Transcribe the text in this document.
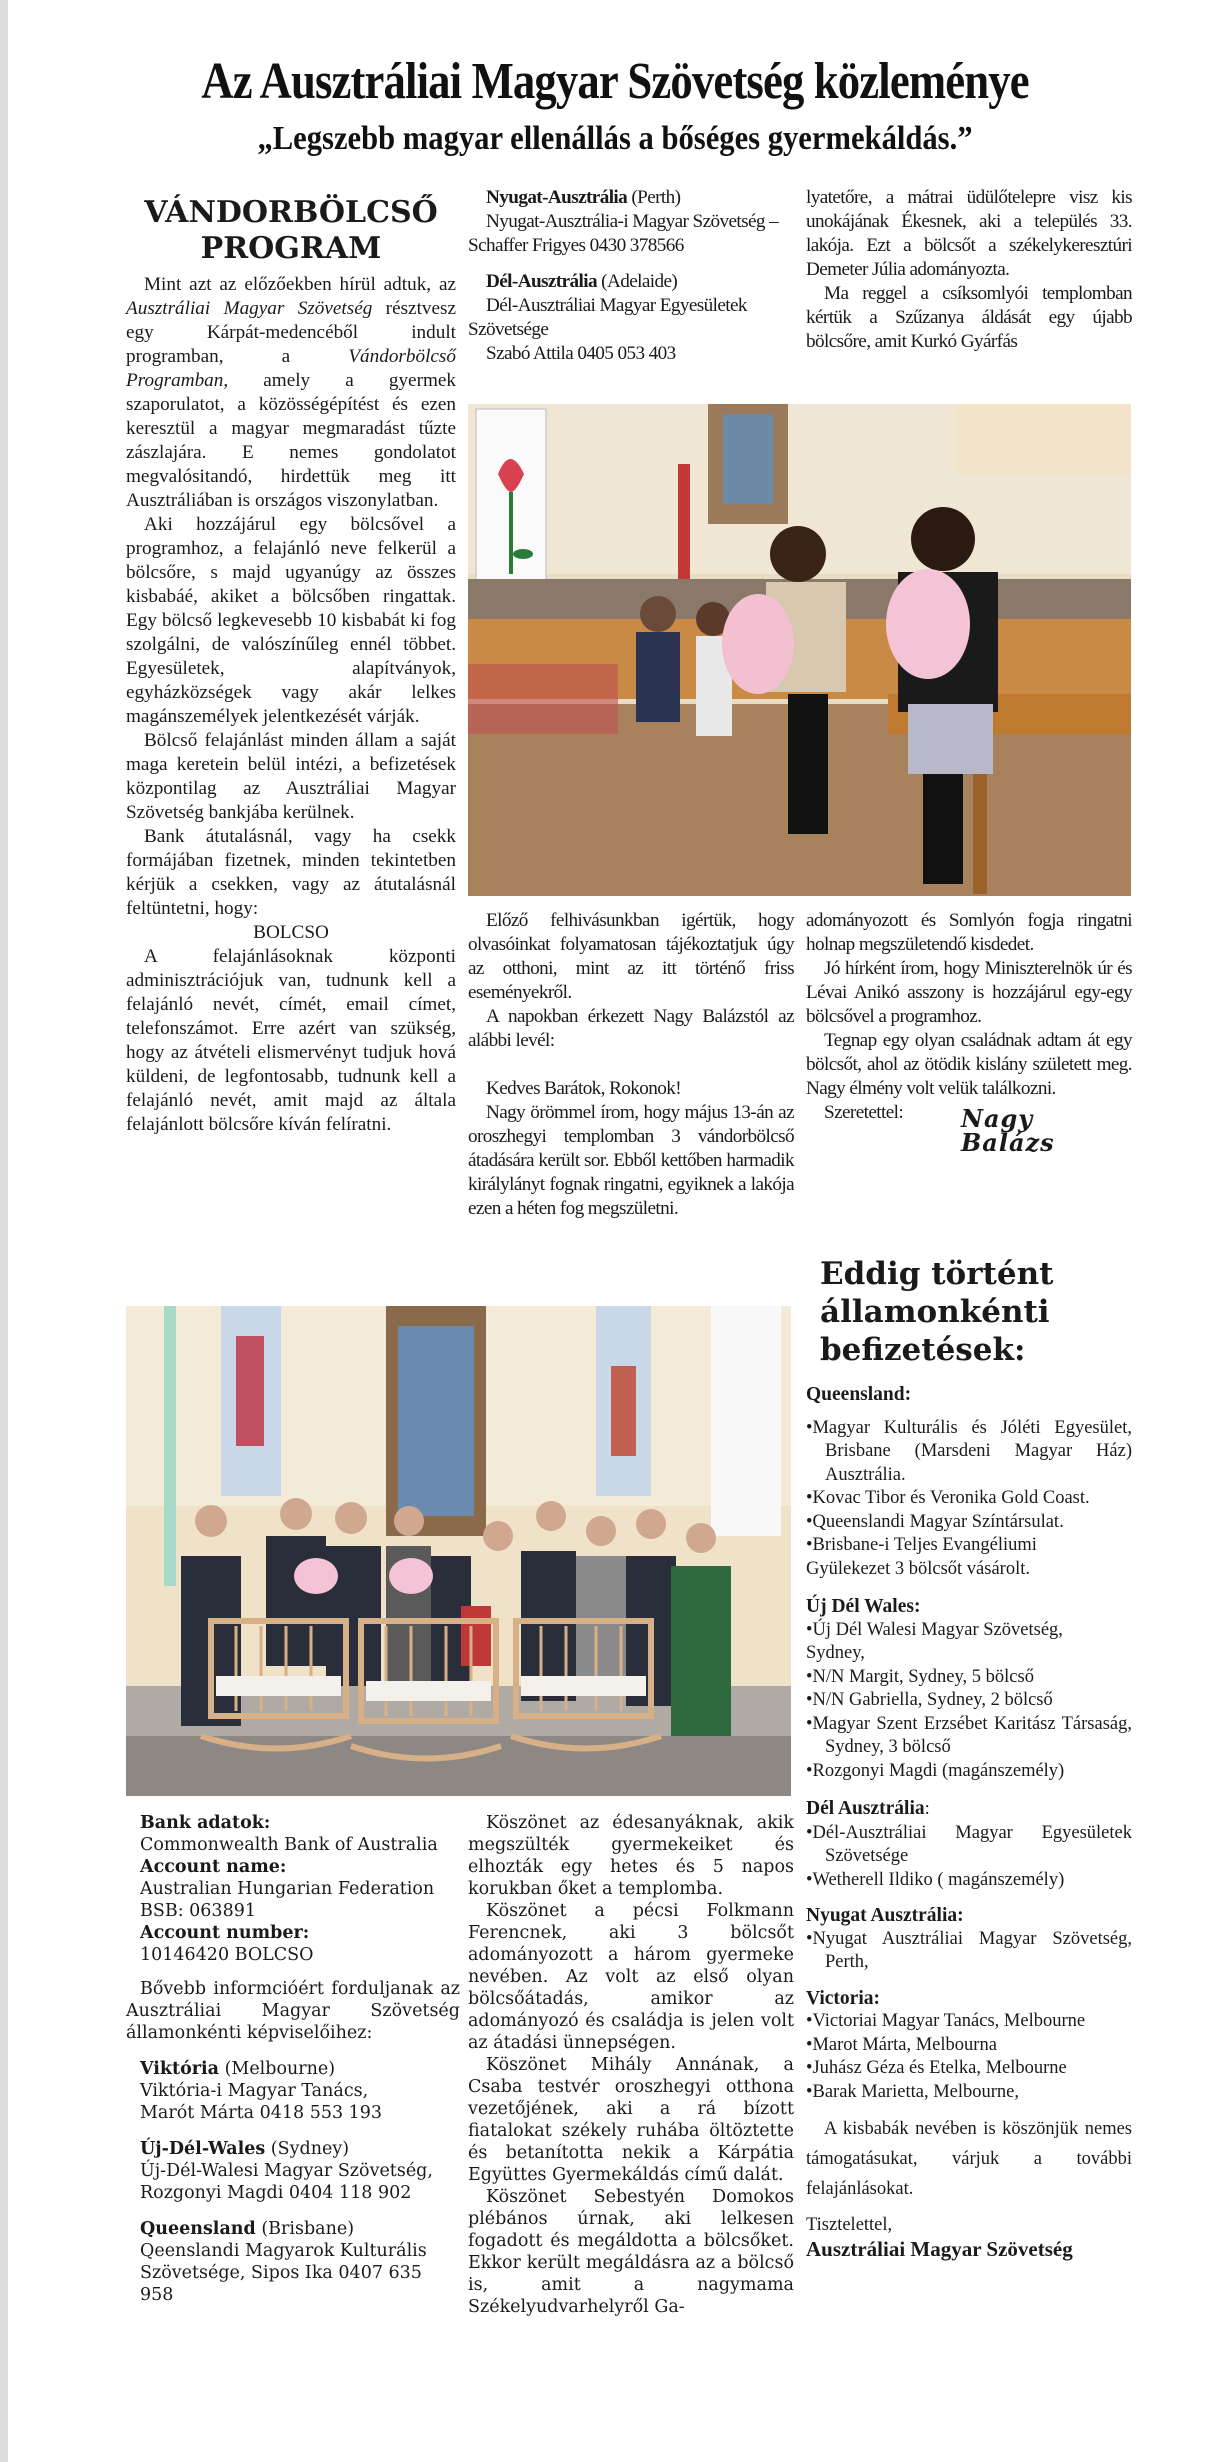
Az Ausztráliai Magyar Szövetség közleménye
„Legszebb magyar ellenállás a bőséges gyermekáldás.”
VÁNDORBÖLCSŐ
PROGRAM

Mint azt az előzőekben hírül adtuk, az Ausztráliai Magyar Szövetség résztvesz egy Kárpát-medencéből indult programban, a Vándorbölcső Programban, amely a gyermek szaporulatot, a közösségépítést és ezen keresztül a magyar megmaradást tűzte zászlajára. E nemes gondolatot megvalósitandó, hirdettük meg itt Ausztráliában is országos viszonylatban.

Aki hozzájárul egy bölcsővel a programhoz, a felajánló neve felkerül a bölcsőre, s majd ugyanúgy az összes kisbabáé, akiket a bölcsőben ringattak. Egy bölcső legkevesebb 10 kisbabát ki fog szolgálni, de valószínűleg ennél többet. Egyesületek, alapítványok, egyházközségek vagy akár lelkes magánszemélyek jelentkezését várják.

Bölcső felajánlást minden állam a saját maga keretein belül intézi, a befizetések központilag az Ausztráliai Magyar Szövetség bankjába kerülnek.

Bank átutalásnál, vagy ha csekk formájában fizetnek, minden tekintetben kérjük a csekken, vagy az átutalásnál feltüntetni, hogy:

BOLCSO

A felajánlásoknak központi adminisztrációjuk van, tudnunk kell a felajánló nevét, címét, email címet, telefonszámot. Erre azért van szükség, hogy az átvételi elismervényt tudjuk hová küldeni, de legfontosabb, tudnunk kell a felajánló nevét, amit majd az általa felajánlott bölcsőre kíván felíratni.

Nyugat-Ausztrália (Perth)

Nyugat-Ausztrália-i Magyar Szövetség – Schaffer Frigyes 0430 378566

Dél-Ausztrália (Adelaide)

Dél-Ausztráliai Magyar Egyesületek Szövetsége

Szabó Attila 0405 053 403

lyatetőre, a mátrai üdülőtelepre visz kis unokájának Ékesnek, aki a település 33. lakója. Ezt a bölcsőt a székelykeresztúri Demeter Júlia adományozta.

Ma reggel a csíksomlyói templomban kértük a Szűzanya áldását egy újabb bölcsőre, amit Kurkó Gyárfás

Előző felhivásunkban igértük, hogy olvasóinkat folyamatosan tájékoztatjuk úgy az otthoni, mint az itt történő friss eseményekről.

A napokban érkezett Nagy Balázstól az alábbi levél:

Kedves Barátok, Rokonok!

Nagy örömmel írom, hogy május 13-án az oroszhegyi templomban 3 vándorbölcső átadására került sor. Ebből kettőben harmadik királylányt fognak ringatni, egyiknek a lakója ezen a héten fog megszületni.

adományozott és Somlyón fogja ringatni holnap megszületendő kisdedet.

Jó hírként írom, hogy Miniszterelnök úr és Lévai Anikó asszony is hozzájárul egy-egy bölcsővel a programhoz.

Tegnap egy olyan családnak adtam át egy bölcsőt, ahol az ötödik kislány született meg. Nagy élmény volt velük találkozni.

Szeretettel:	Nagy Balázs
Eddig történt
államonkénti
befizetések:

Queensland:

•Magyar Kulturális és Jóléti Egyesület, Brisbane (Marsdeni Magyar Ház) Ausztrália.

•Kovac Tibor és Veronika Gold Coast.

•Queenslandi Magyar Színtársulat.

•Brisbane-i Teljes Evangéliumi

Gyülekezet 3 bölcsőt vásárolt.

Új Dél Wales:

•Új Dél Walesi Magyar Szövetség,

Sydney,

•N/N Margit, Sydney, 5 bölcső

•N/N Gabriella, Sydney, 2 bölcső

•Magyar Szent Erzsébet Karitász Társaság, Sydney, 3 bölcső

•Rozgonyi Magdi (magánszemély)

Dél Ausztrália:

•Dél-Ausztráliai Magyar Egyesületek Szövetsége

•Wetherell Ildiko ( magánszemély)

Nyugat Ausztrália:

•Nyugat Ausztráliai Magyar Szövetség, Perth,

Victoria:

•Victoriai Magyar Tanács, Melbourne

•Marot Márta, Melbourna

•Juhász Géza és Etelka, Melbourne

•Barak Marietta, Melbourne,

A kisbabák nevében is köszönjük nemes támogatásukat, várjuk a további felajánlásokat.

Tisztelettel,

Ausztráliai Magyar Szövetség

Bank adatok:

Commonwealth Bank of Australia

Account name:

Australian Hungarian Federation

BSB: 063891

Account number:

10146420 BOLCSO

Bővebb informcióért forduljanak az Ausztráliai Magyar Szövetség államonkénti képviselőihez:

Viktória (Melbourne)

Viktória-i Magyar Tanács,

Marót Márta 0418 553 193

Új-Dél-Wales (Sydney)

Új-Dél-Walesi Magyar Szövetség,

Rozgonyi Magdi 0404 118 902

Queensland (Brisbane)

Qeenslandi Magyarok Kulturális

Szövetsége, Sipos Ika 0407 635 958

Köszönet az édesanyáknak, akik megszülték gyermekeiket és elhozták egy hetes és 5 napos korukban őket a templomba.

Köszönet a pécsi Folkmann Ferencnek, aki 3 bölcsőt adományozott a három gyermeke nevében. Az volt az első olyan bölcsőátadás, amikor az adományozó és családja is jelen volt az átadási ünnepségen.

Köszönet Mihály Annának, a Csaba testvér oroszhegyi otthona vezetőjének, aki a rá bízott fiatalokat székely ruhába öltöztette és betanította nekik a Kárpátia Együttes Gyermekáldás című dalát.

Köszönet Sebestyén Domokos plébános úrnak, aki lelkesen fogadott és megáldotta a bölcsőket. Ekkor került megáldásra az a bölcső is, amit a nagymama Székelyudvarhelyről Ga-
